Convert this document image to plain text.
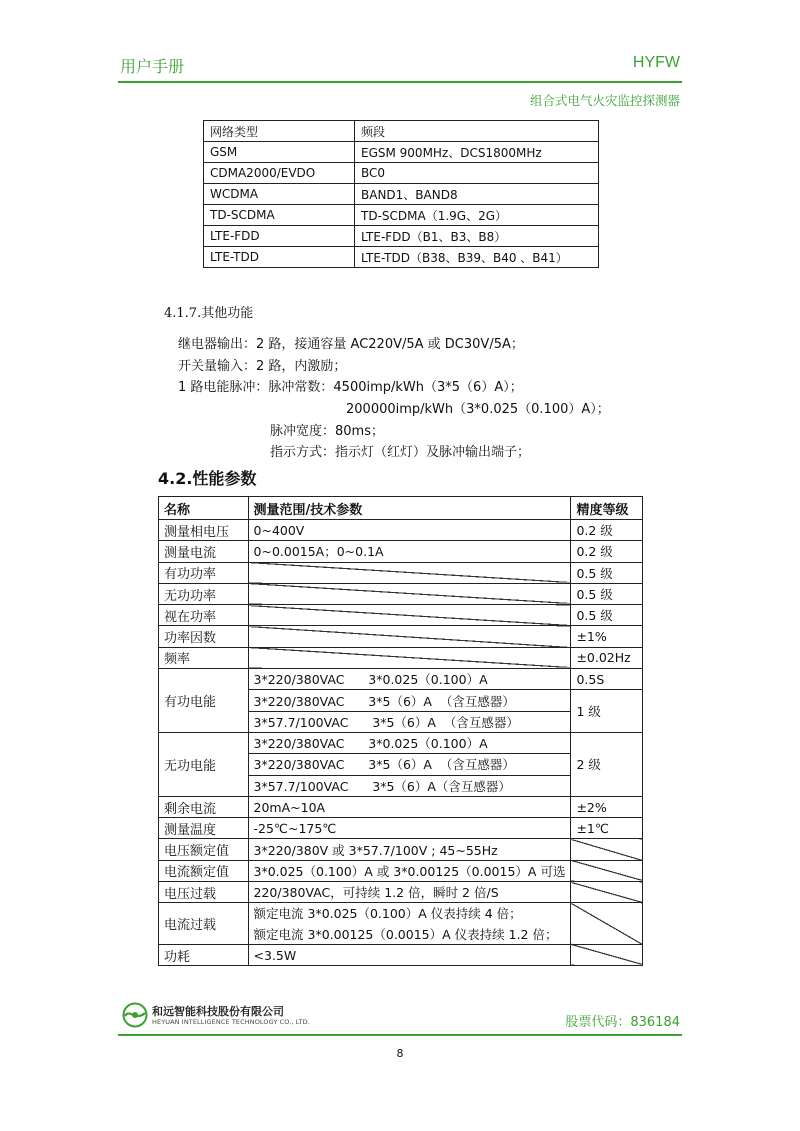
用户手册	HYFW
组合式电气火灾监控探测器
网络类型	频段
GSM	EGSM 900MHz、DCS1800MHz
CDMA2000/EVDO	BC0
WCDMA	BAND1、BAND8
TD-SCDMA	TD-SCDMA（1.9G、2G）
LTE-FDD	LTE-FDD（B1、B3、B8）
LTE-TDD	LTE-TDD（B38、B39、B40 、B41）
4.1.7.其他功能
继电器输出：2 路，接通容量 AC220V/5A 或 DC30V/5A；
开关量输入：2 路，内激励；
1 路电能脉冲：脉冲常数：4500imp/kWh（3*5（6）A）；
200000imp/kWh（3*0.025（0.100）A）；
脉冲宽度：80ms；
指示方式：指示灯（红灯）及脉冲输出端子；
4.2.性能参数
名称	测量范围/技术参数	精度等级
测量相电压	0~400V	0.2 级
测量电流	0~0.0015A；0~0.1A	0.2 级
有功功率		0.5 级
无功功率		0.5 级
视在功率		0.5 级
功率因数		±1%
频率		±0.02Hz
有功电能	3*220/380VAC      3*0.025（0.100）A	0.5S
	3*220/380VAC      3*5（6）A  （含互感器）	1 级
	3*57.7/100VAC      3*5（6）A  （含互感器）	
无功电能	3*220/380VAC      3*0.025（0.100）A	2 级
	3*220/380VAC      3*5（6）A  （含互感器）	
	3*57.7/100VAC      3*5（6）A（含互感器）	
剩余电流	20mA~10A	±2%
测量温度	-25℃~175℃	±1℃
电压额定值	3*220/380V 或 3*57.7/100V ; 45~55Hz	
电流额定值	3*0.025（0.100）A 或 3*0.00125（0.0015）A 可选	
电压过载	220/380VAC，可持续 1.2 倍，瞬时 2 倍/S	
电流过载	额定电流 3*0.025（0.100）A 仪表持续 4 倍；	
	额定电流 3*0.00125（0.0015）A 仪表持续 1.2 倍；	
功耗	<3.5W	
和远智能科技股份有限公司
HEYUAN INTELLIGENCE TECHNOLOGY CO., LTD.	股票代码：836184
8
